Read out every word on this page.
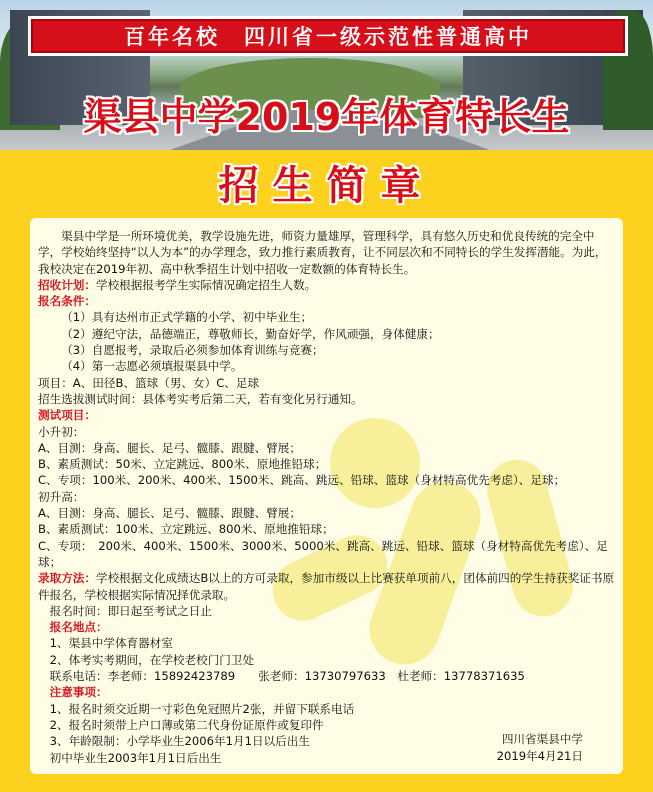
百年名校　四川省一级示范性普通高中
渠县中学2019年体育特长生
招生简章

渠县中学是一所环境优美，教学设施先进，师资力量雄厚，管理科学，具有悠久历史和优良传统的完全中学，学校始终坚持“以人为本”的办学理念，致力推行素质教育，让不同层次和不同特长的学生发挥潜能。为此，我校决定在2019年初、高中秋季招生计划中招收一定数额的体育特长生。

招收计划：学校根据报考学生实际情况确定招生人数。

报名条件：

（1）具有达州市正式学籍的小学、初中毕业生；

（2）遵纪守法，品德端正，尊敬师长，勤奋好学，作风顽强，身体健康；

（3）自愿报考，录取后必须参加体育训练与竞赛；

（4）第一志愿必须填报渠县中学。

项目：A、田径B、篮球（男、女）C、足球

招生选拔测试时间：县体考实考后第二天，若有变化另行通知。

测试项目：

小升初：

A、目测：身高、腿长、足弓、髋膝、跟腱、臂展；

B、素质测试：50米、立定跳远、800米、原地推铅球；

C、专项：100米、200米、400米、1500米、跳高、跳远、铅球、篮球（身材特高优先考虑）、足球；

初升高：

A、目测：身高、腿长、足弓、髋膝、跟腱、臂展；

B、素质测试：100米、立定跳远、800米、原地推铅球；

C、专项：　200米、400米、1500米、3000米、5000米、跳高、跳远、铅球、篮球（身材特高优先考虑）、足球；

录取方法：学校根据文化成绩达B以上的方可录取，参加市级以上比赛获单项前八，团体前四的学生持获奖证书原件报名，学校根据实际情况择优录取。

报名时间：即日起至考试之日止

报名地点：

1、渠县中学体育器材室

2、体考实考期间，在学校老校门门卫处

联系电话：李老师：15892423789　　张老师：13730797633　杜老师：13778371635

注意事项：

1、报名时须交近期一寸彩色免冠照片2张，并留下联系电话

2、报名时须带上户口薄或第二代身份证原件或复印件

3、年龄限制：小学毕业生2006年1月1日以后出生

初中毕业生2003年1月1日后出生

四川省渠县中学
2019年4月21日
